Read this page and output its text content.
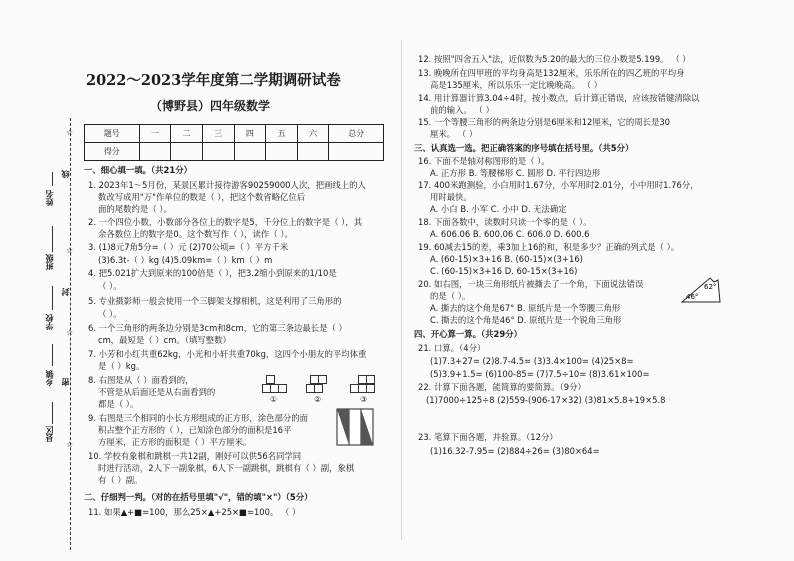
姓名
班级
线
封
学校
乡镇 密
县区
☆
☆
☆
☆
2022～2023学年度第二学期调研试卷
（博野县）四年级数学
题号	一	二	三	四	五	六	总分
得分							
一、细心填一填。（共21分）
1. 2023年1～5月份，某景区累计接待游客90259000人次，把画线上的人
数改写成用"万"作单位的数是（ ），把这个数省略亿位后
面的尾数约是（ ）。
2. 一个四位小数，小数部分各位上的数字是5，千分位上的数字是（ ），其
余各数位上的数字是0。这个数写作（ ），读作（ ）。
3. (1)8元7角5分=（ ）元 (2)70公顷=（ ）平方千米
(3)6.3t-（ ）kg (4)5.09km=（ ）km（ ）m
4. 把5.021扩大到原来的100倍是（ ），把3.2缩小到原来的1/10是
（ ）。
5. 专业摄影师一般会使用一个三脚架支撑相机，这是利用了三角形的
（ ）。
6. 一个三角形的两条边分别是3cm和8cm，它的第三条边最长是（ ）
cm，最短是（ ）cm。（填写整数）
7. 小芳和小红共重62kg，小光和小轩共重70kg，这四个小朋友的平均体重
是（ ）kg。
8. 右图是从（ ）面看到的，
不管是从后面还是从右面看到的
都是（ ）。
9. 右图是三个相同的小长方形组成的正方形，涂色部分的面
积占整个正方形的（ ），已知涂色部分的面积是16平
方厘米，正方形的面积是（ ）平方厘米。
10. 学校有象棋和跳棋一共12副，刚好可以供56名同学同
时进行活动，2人下一副象棋，6人下一副跳棋，跳棋有（ ）副，象棋
有（ ）副。
二、仔细判一判。（对的在括号里填"√"，错的填"×"）（5分）
11. 如果▲+■=100，那么25×▲+25×■=100。 （ ）
①	②	③
12. 按照"四舍五入"法，近似数为5.20的最大的三位小数是5.199。 （ ）
13. 晚晚所在四甲班的平均身高是132厘米，乐乐所在的四乙班的平均身
高是135厘米，所以乐乐一定比晚晚高。 （ ）
14. 用计算器计算3.04÷4时，按小数点，后计算正错误，应该按错键清除以
前的输入。 （ ）
15. 一个等腰三角形的两条边分别是6厘米和12厘米，它的周长是30
厘米。 （ ）
三、认真选一选。把正确答案的序号填在括号里。（共5分）
16. 下面不是轴对称图形的是（ ）。
A. 正方形 B. 等腰梯形 C. 圆形 D. 平行四边形
17. 400米跑测验，小白用时1.67分，小军用时2.01分，小中用时1.76分，
用时最快。
A. 小白 B. 小军 C. 小中 D. 无法确定
18. 下面各数中，读数时只读一个零的是（ ）。
A. 606.06 B. 600.06 C. 606.0 D. 600.6
19. 60减去15的差，乘3加上16的和，积是多少？正确的列式是（ ）。
A. (60-15)×3+16 B. (60-15)×(3+16)
C. (60-15)×3+16 D. 60-15×(3+16)
20. 如右图，一块三角形纸片被撕去了一个角，下面说法错误
的是（ ）。
A. 撕去的这个角是67° B. 原纸片是一个等腰三角形
C. 撕去的这个角是46° D. 原纸片是一个锐角三角形
62°
46°
四、开心算一算。（共29分）
21. 口算。（4分）
(1)7.3+27= (2)8.7-4.5= (3)3.4×100= (4)25×8=
(5)3.9+1.5= (6)100-85= (7)7.5÷10= (8)3.61×100=
22. 计算下面各题，能简算的要简算。（9分）
(1)7000÷125÷8 (2)559-(906-17×32) (3)81×5.8+19×5.8
23. 笔算下面各题，并验算。（12分）
(1)16.32-7.95= (2)884÷26= (3)80×64=
